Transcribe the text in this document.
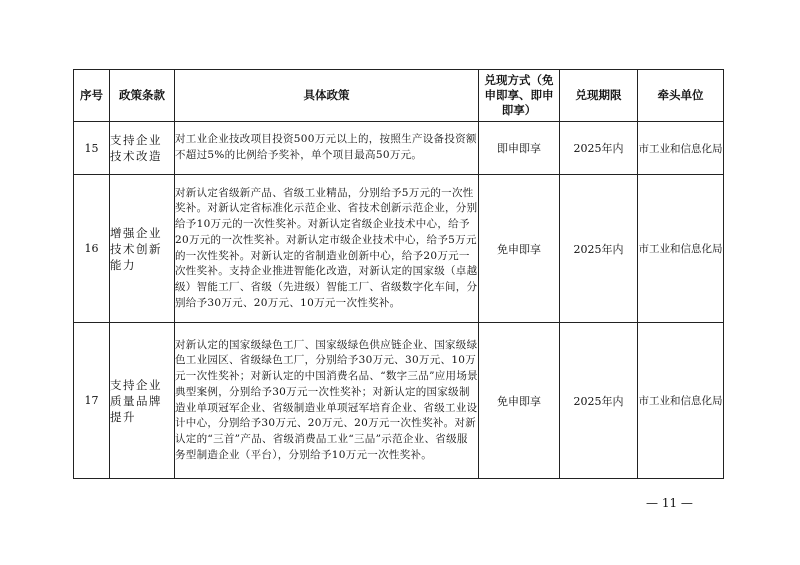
序号	政策条款	具体政策	兑现方式（免申即享、即申即享）	兑现期限	牵头单位
15	支持企业技术改造	对工业企业技改项目投资500万元以上的，按照生产设备投资额不超过5%的比例给予奖补，单个项目最高50万元。	即申即享	2025年内	市工业和信息化局
16	增强企业技术创新能力	对新认定省级新产品、省级工业精品，分别给予5万元的一次性奖补。对新认定省标准化示范企业、省技术创新示范企业，分别给予10万元的一次性奖补。对新认定省级企业技术中心，给予20万元的一次性奖补。对新认定市级企业技术中心，给予5万元的一次性奖补。对新认定的省制造业创新中心，给予20万元一次性奖补。支持企业推进智能化改造，对新认定的国家级（卓越级）智能工厂、省级（先进级）智能工厂、省级数字化车间，分别给予30万元、20万元、10万元一次性奖补。	免申即享	2025年内	市工业和信息化局
17	支持企业质量品牌提升	对新认定的国家级绿色工厂、国家级绿色供应链企业、国家级绿色工业园区、省级绿色工厂，分别给予30万元、30万元、10万元一次性奖补；对新认定的中国消费名品、“数字三品”应用场景典型案例，分别给予30万元一次性奖补；对新认定的国家级制造业单项冠军企业、省级制造业单项冠军培育企业、省级工业设计中心，分别给予30万元、20万元、20万元一次性奖补。对新认定的“三首”产品、省级消费品工业“三品”示范企业、省级服务型制造企业（平台），分别给予10万元一次性奖补。	免申即享	2025年内	市工业和信息化局
— 11 —
